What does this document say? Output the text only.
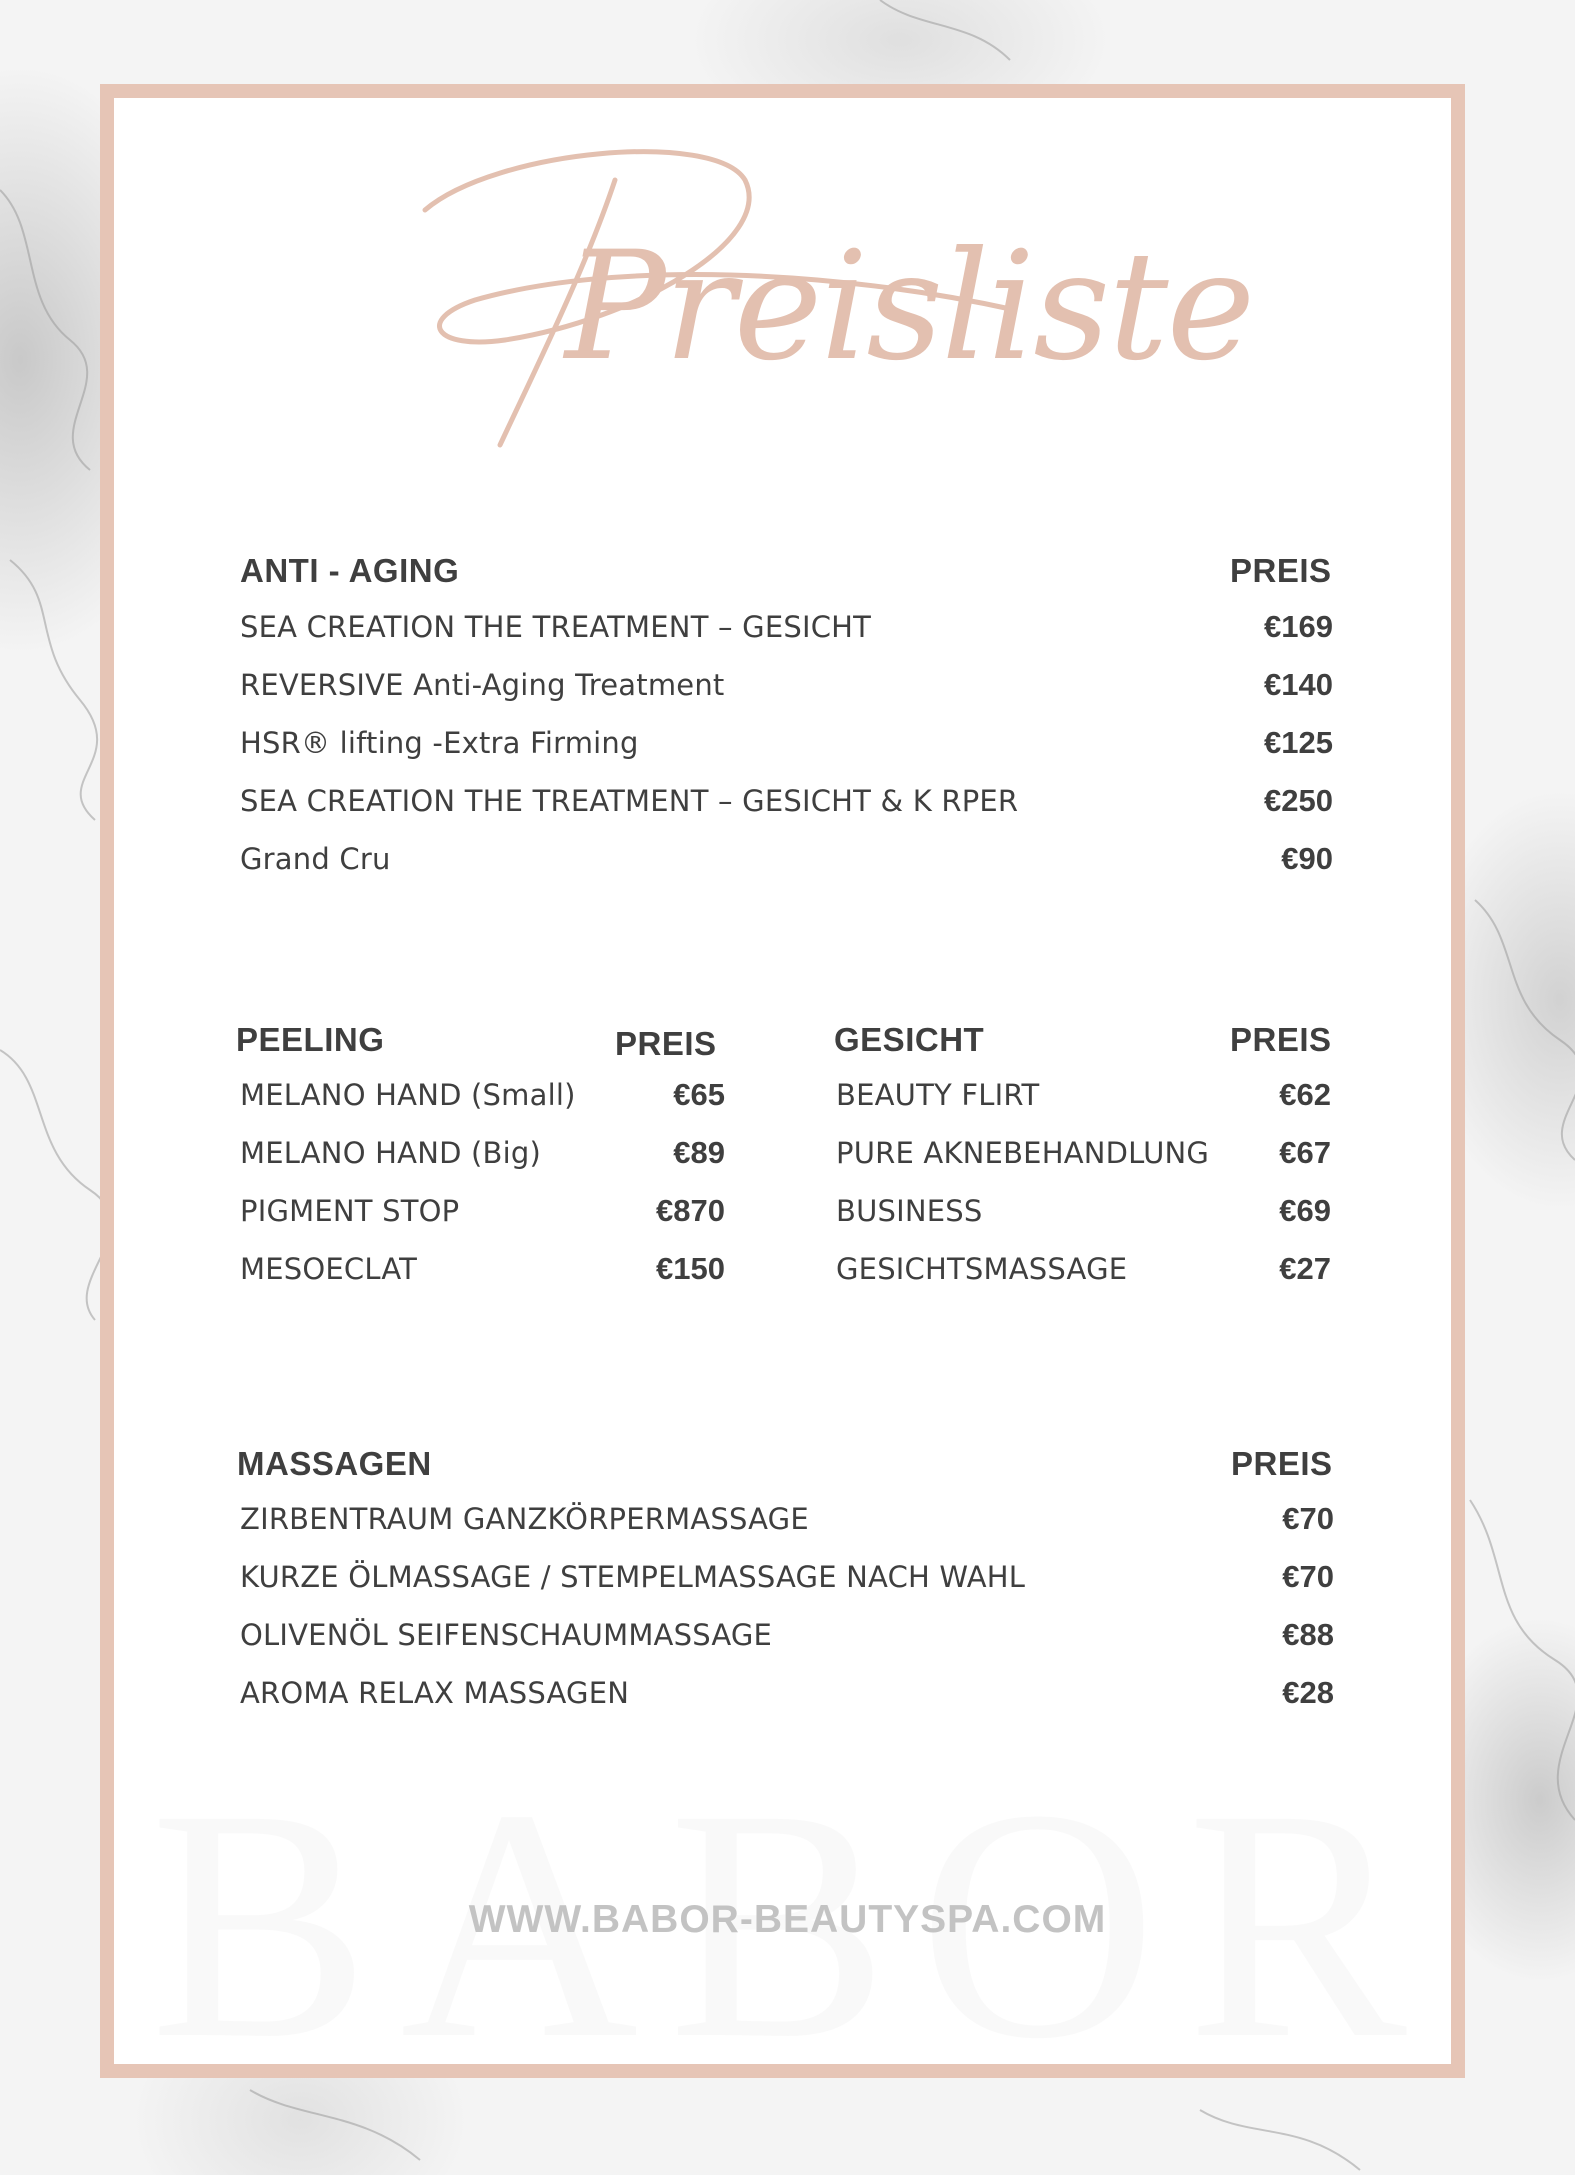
Preisliste
ANTI - AGING	PREIS
SEA CREATION THE TREATMENT – GESICHT	€169
REVERSIVE Anti-Aging Treatment	€140
HSR® lifting -Extra Firming	€125
SEA CREATION THE TREATMENT – GESICHT & K RPER	€250
Grand Cru	€90
PEELING	PREIS
MELANO HAND (Small)	€65
MELANO HAND (Big)	€89
PIGMENT STOP	€870
MESOECLAT	€150
GESICHT	PREIS
BEAUTY FLIRT	€62
PURE AKNEBEHANDLUNG	€67
BUSINESS	€69
GESICHTSMASSAGE	€27
MASSAGEN	PREIS
ZIRBENTRAUM GANZKÖRPERMASSAGE	€70
KURZE ÖLMASSAGE / STEMPELMASSAGE NACH WAHL	€70
OLIVENÖL SEIFENSCHAUMMASSAGE	€88
AROMA RELAX MASSAGEN	€28
WWW.BABOR-BEAUTYSPA.COM
